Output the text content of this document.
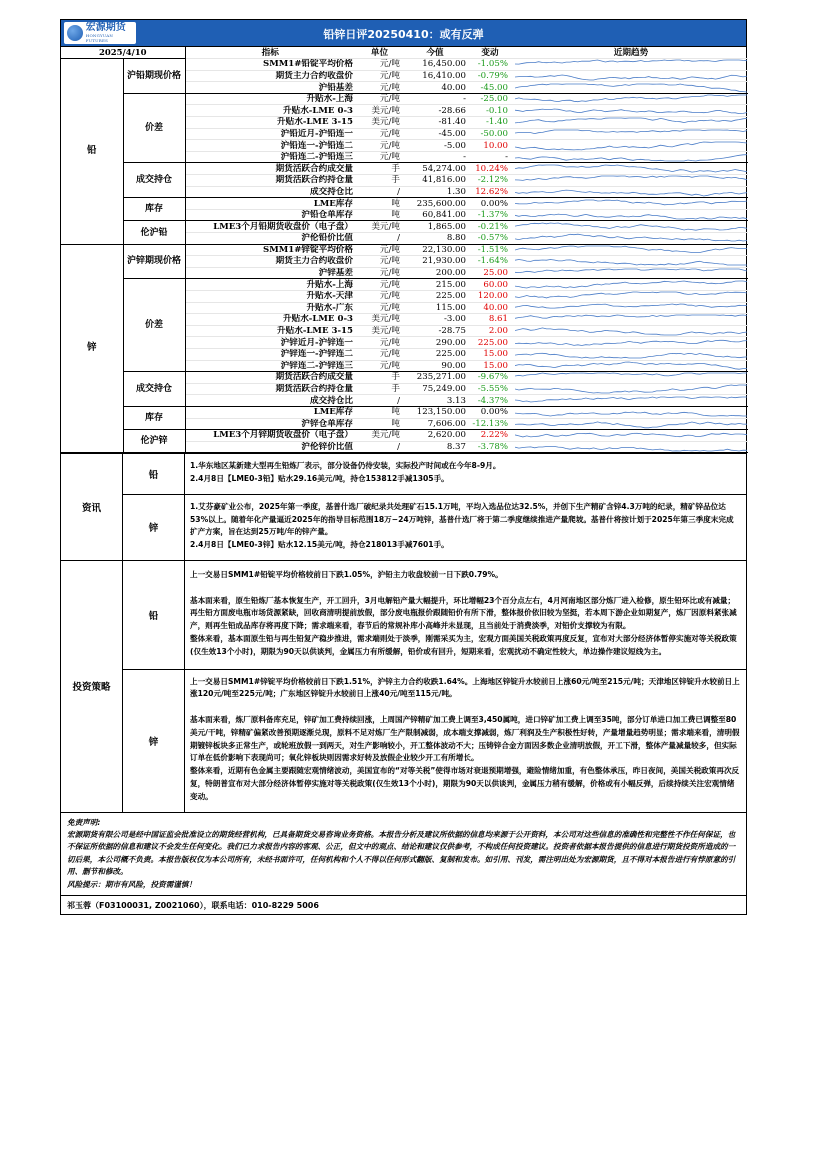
宏源期货
HONGYUAN FUTURES	铅锌日评20250410：或有反弹
2025/4/10		指标	单位	今值	变动	近期趋势
铅	沪铅期现价格	SMM1#铅锭平均价格	元/吨	16,450.00	-1.05%	

		期货主力合约收盘价	元/吨	16,410.00	-0.79%	

		沪铅基差	元/吨	40.00	-45.00	

	价差	升贴水-上海	元/吨	-	-25.00	

		升贴水-LME 0-3	美元/吨	-28.66	-0.10	

		升贴水-LME 3-15	美元/吨	-81.40	-1.40	

		沪铅近月-沪铅连一	元/吨	-45.00	-50.00	

		沪铅连一-沪铅连二	元/吨	-5.00	10.00	

		沪铅连二-沪铅连三	元/吨	-	-	

	成交持仓	期货活跃合约成交量	手	54,274.00	10.24%	

		期货活跃合约持仓量	手	41,816.00	-2.12%	

		成交持仓比	/	1.30	12.62%	

	库存	LME库存	吨	235,600.00	0.00%	

		沪铅仓单库存	吨	60,841.00	-1.37%	

	伦沪铅	LME3个月铅期货收盘价（电子盘）	美元/吨	1,865.00	-0.21%	

		沪伦铅价比值	/	8.80	-0.57%	

锌	沪锌期现价格	SMM1#锌锭平均价格	元/吨	22,130.00	-1.51%	

		期货主力合约收盘价	元/吨	21,930.00	-1.64%	

		沪锌基差	元/吨	200.00	25.00	

	价差	升贴水-上海	元/吨	215.00	60.00	

		升贴水-天津	元/吨	225.00	120.00	

		升贴水-广东	元/吨	115.00	40.00	

		升贴水-LME 0-3	美元/吨	-3.00	8.61	

		升贴水-LME 3-15	美元/吨	-28.75	2.00	

		沪锌近月-沪锌连一	元/吨	290.00	225.00	

		沪锌连一-沪锌连二	元/吨	225.00	15.00	

		沪锌连二-沪锌连三	元/吨	90.00	15.00	

	成交持仓	期货活跃合约成交量	手	235,271.00	-9.67%	

		期货活跃合约持仓量	手	75,249.00	-5.55%	

		成交持仓比	/	3.13	-4.37%	

	库存	LME库存	吨	123,150.00	0.00%	

		沪锌仓单库存	吨	7,606.00	-12.13%	

	伦沪锌	LME3个月锌期货收盘价（电子盘）	美元/吨	2,620.00	2.22%	

		沪伦锌价比值	/	8.37	-3.78%	
资讯
铅

1.华东地区某新建大型再生铅炼厂表示，部分设备仍待安装，实际投产时间或在今年8-9月。

2.4月8日【LME0-3铅】贴水29.16美元/吨，持仓153812手减1305手。

锌

1.艾芬豪矿业公布，2025年第一季度，基普什选厂破纪录共处理矿石15.1万吨，平均入选品位达32.5%，并创下生产精矿含锌4.3万吨的纪录，精矿锌品位达53%以上。随着年化产量逼近2025年的指导目标范围18万−24万吨锌，基普什选厂将于第二季度继续推进产量爬坡。基普什将按计划于2025年第三季度末完成扩产方案，旨在达到25万吨/年的锌产量。

2.4月8日【LME0-3锌】贴水12.15美元/吨，持仓218013手减7601手。

投资策略
铅

上一交易日SMM1#铅锭平均价格较前日下跌1.05%，沪铅主力收盘较前一日下跌0.79%。

基本面来看，原生铅炼厂基本恢复生产，开工回升，3月电解铅产量大幅提升，环比增幅23个百分点左右，4月河南地区部分炼厂进入检修，原生铅环比或有减量；再生铅方面废电瓶市场货源紧缺，回收商清明提前放假，部分废电瓶报价跟随铅价有所下滑，整体报价依旧较为坚挺，若本周下游企业如期复产，炼厂因原料紧张减产，则再生铅成品库存将再度下降；需求端来看，春节后的常规补库小高峰并未显现，且当前处于消费淡季，对铅价支撑较为有限。

整体来看，基本面原生铅与再生铅复产稳步推进，需求端则处于淡季，刚需采买为主，宏观方面美国关税政策再度反复，宣布对大部分经济体暂停实施对等关税政策(仅生效13个小时)，期限为90天以供谈判，金属压力有所缓解，铅价或有回升，短期来看，宏观扰动不确定性较大，单边操作建议短线为主。

锌

上一交易日SMM1#锌锭平均价格较前日下跌1.51%，沪锌主力合约收跌1.64%。上海地区锌锭升水较前日上涨60元/吨至215元/吨；天津地区锌锭升水较前日上涨120元/吨至225元/吨；广东地区锌锭升水较前日上涨40元/吨至115元/吨。

基本面来看，炼厂原料备库充足，锌矿加工费持续回涨，上周国产锌精矿加工费上调至3,450属吨，进口锌矿加工费上调至35吨，部分订单进口加工费已调整至80美元/干吨，锌精矿偏紧改善预期逐渐兑现，原料不足对炼厂生产限制减弱，成本端支撑减弱，炼厂利润及生产积极性好转，产量增量趋势明显；需求端来看，清明假期镀锌板块多正常生产，或轮班放假一到两天，对生产影响较小，开工整体波动不大；压铸锌合金方面因多数企业清明放假，开工下滑，整体产量减量较多，但实际订单在低价影响下表现尚可；氧化锌板块则因需求好转及放假企业较少开工有所增长。

整体来看，近期有色金属主要跟随宏观情绪波动，美国宣布的“对等关税”使得市场对衰退预期增强，避险情绪加重，有色整体承压，昨日夜间，美国关税政策再次反复，特朗普宣布对大部分经济体暂停实施对等关税政策(仅生效13个小时)，期限为90天以供谈判，金属压力稍有缓解，价格或有小幅反弹，后续持续关注宏观情绪变动。

免责声明:
宏源期货有限公司是经中国证监会批准设立的期货经营机构，已具备期货交易咨询业务资格。本报告分析及建议所依据的信息均来源于公开资料，本公司对这些信息的准确性和完整性不作任何保证，也不保证所依据的信息和建议不会发生任何变化。我们已力求报告内容的客观、公正，但文中的观点、结论和建议仅供参考，不构成任何投资建议。投资者依据本报告提供的信息进行期货投资所造成的一切后果，本公司概不负责。本报告版权仅为本公司所有，未经书面许可，任何机构和个人不得以任何形式翻版、复制和发布。如引用、刊发，需注明出处为宏源期货，且不得对本报告进行有悖原意的引用、删节和修改。
风险提示：期市有风险，投资需谨慎！
祁玉蓉（F03100031, Z0021060），联系电话：010-8229 5006
